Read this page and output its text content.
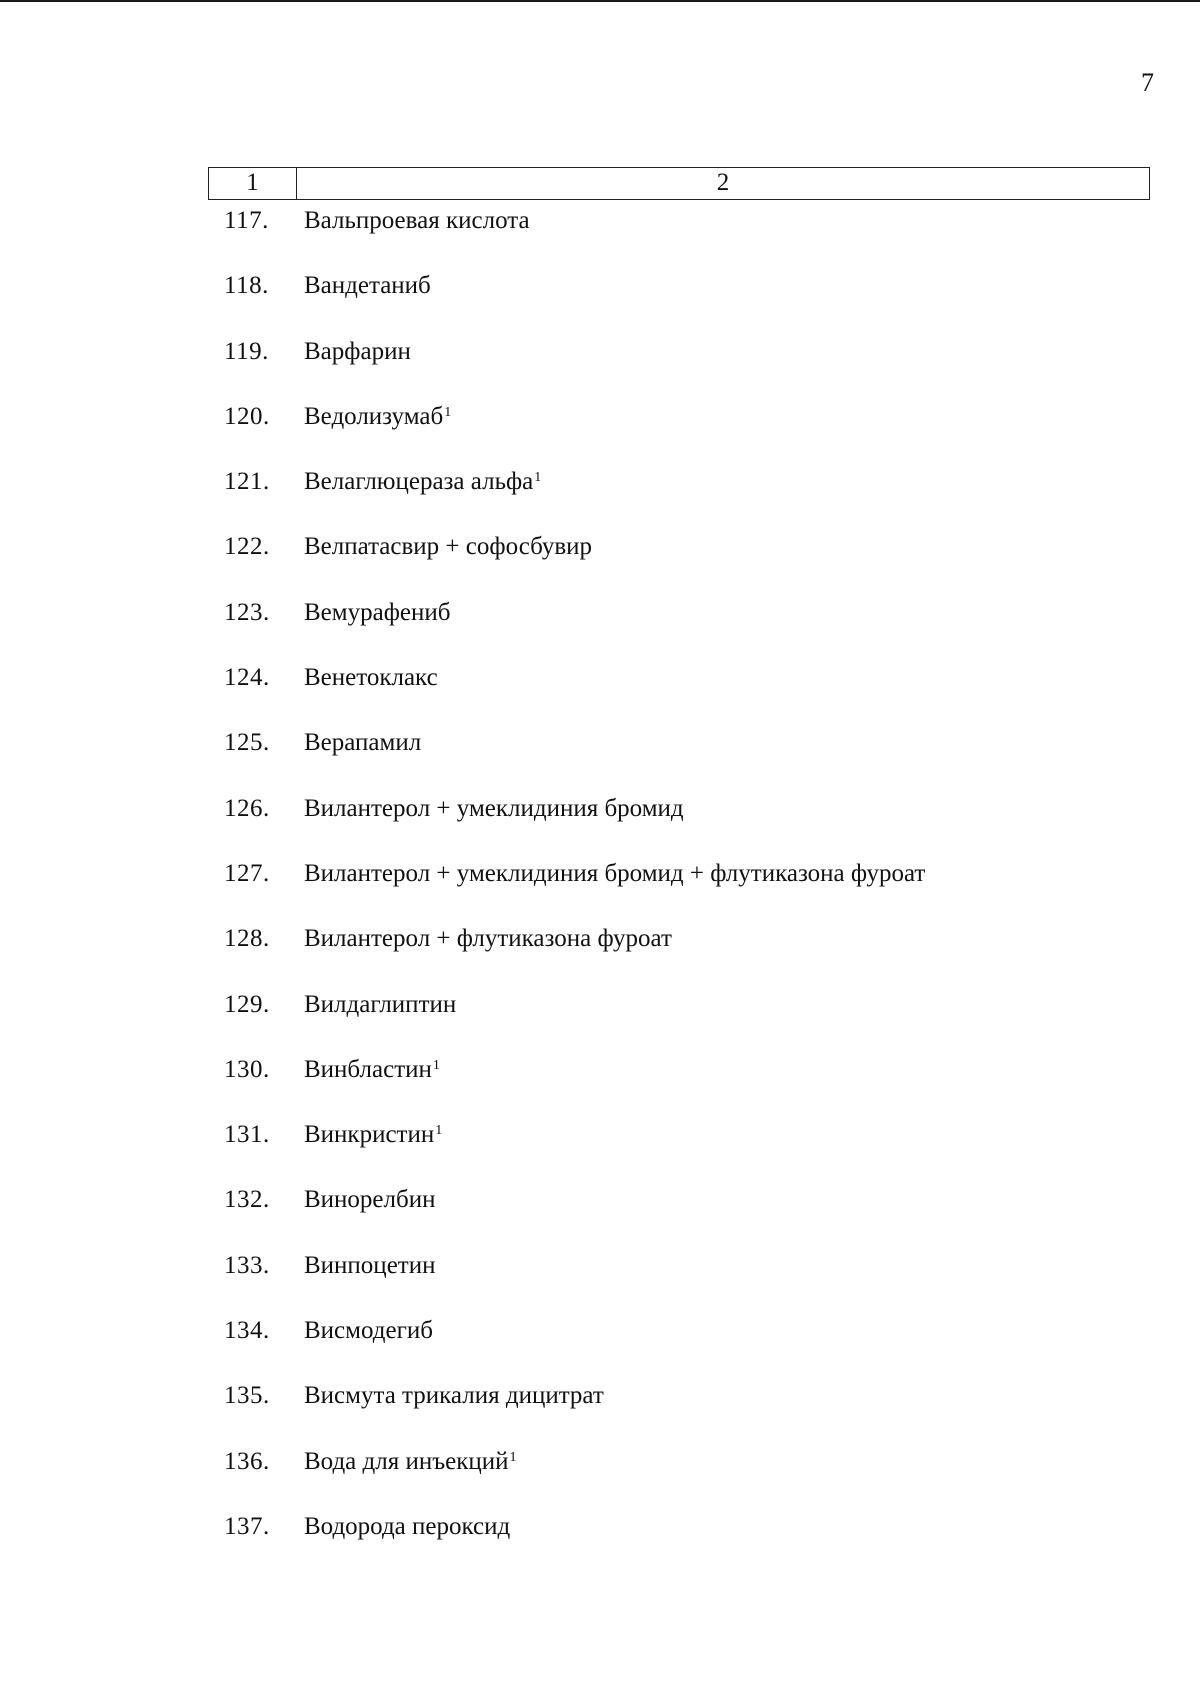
7
1	2
117. Вальпроевая кислота
118. Вандетаниб
119. Варфарин
120. Ведолизумаб$^1$
121. Велаглюцераза альфа$^1$
122. Велпатасвир + софосбувир
123. Вемурафениб
124. Венетоклакс
125. Верапамил
126. Вилантерол + умеклидиния бромид
127. Вилантерол + умеклидиния бромид + флутиказона фуроат
128. Вилантерол + флутиказона фуроат
129. Вилдаглиптин
130. Винбластин$^1$
131. Винкристин$^1$
132. Винорелбин
133. Винпоцетин
134. Висмодегиб
135. Висмута трикалия дицитрат
136. Вода для инъекций$^1$
137. Водорода пероксид
